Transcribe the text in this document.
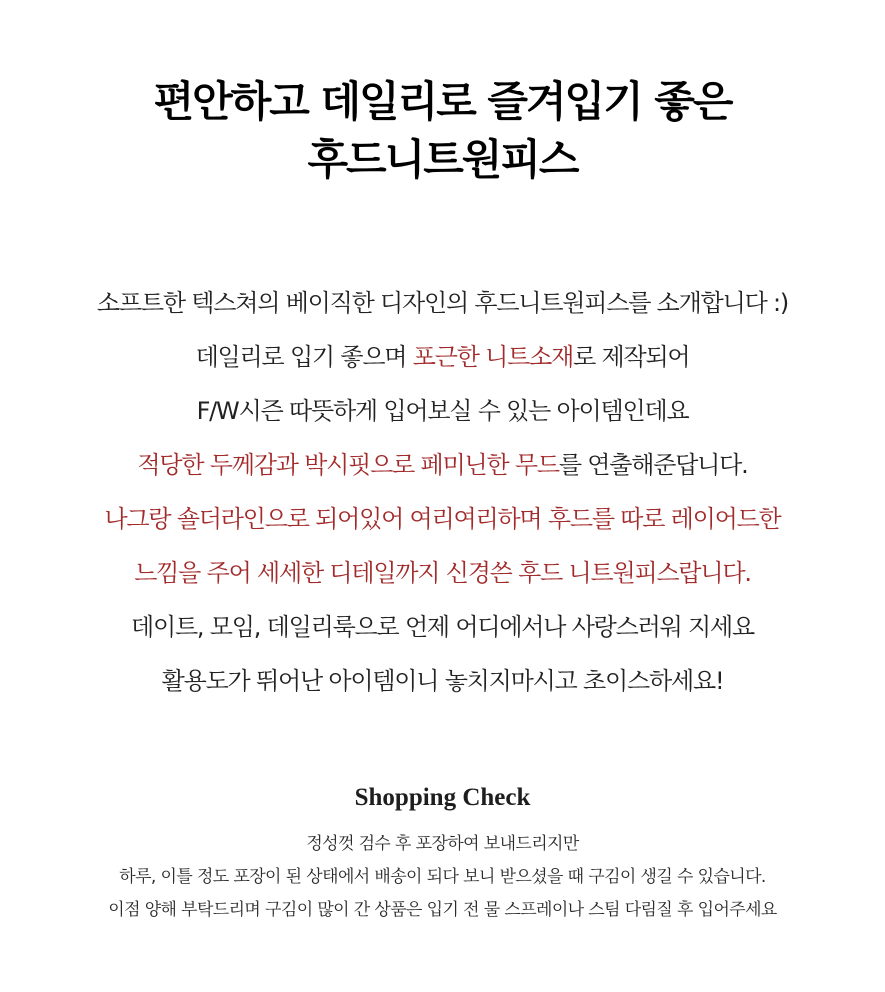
편안하고 데일리로 즐겨입기 좋은
후드니트원피스
소프트한 텍스쳐의 베이직한 디자인의 후드니트원피스를 소개합니다 :)
데일리로 입기 좋으며 포근한 니트소재로 제작되어
F/W시즌 따뜻하게 입어보실 수 있는 아이템인데요
적당한 두께감과 박시핏으로 페미닌한 무드를 연출해준답니다.
나그랑 숄더라인으로 되어있어 여리여리하며 후드를 따로 레이어드한
느낌을 주어 세세한 디테일까지 신경쓴 후드 니트원피스랍니다.
데이트, 모임, 데일리룩으로 언제 어디에서나 사랑스러워 지세요
활용도가 뛰어난 아이템이니 놓치지마시고 초이스하세요!
Shopping Check
정성껏 검수 후 포장하여 보내드리지만
하루, 이틀 정도 포장이 된 상태에서 배송이 되다 보니 받으셨을 때 구김이 생길 수 있습니다.
이점 양해 부탁드리며 구김이 많이 간 상품은 입기 전 물 스프레이나 스팀 다림질 후 입어주세요
